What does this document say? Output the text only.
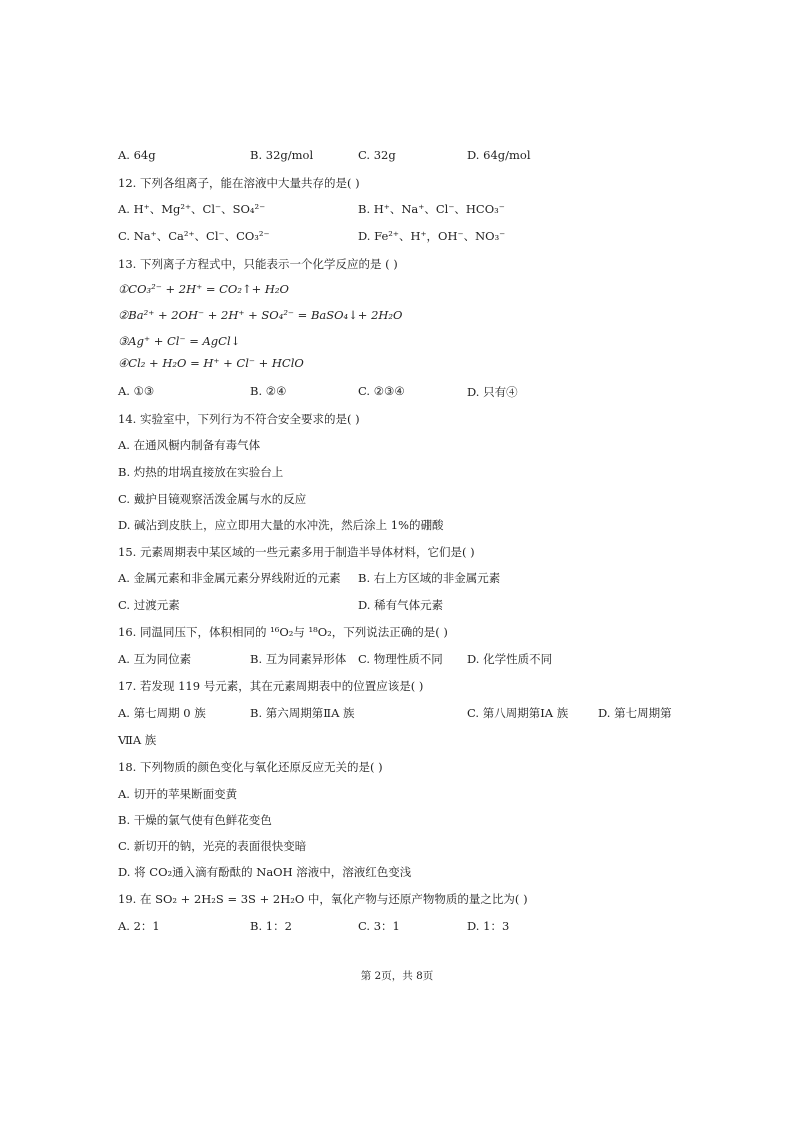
A. 64g	B. 32g/mol	C. 32g	D. 64g/mol
12. 下列各组离子，能在溶液中大量共存的是( )
A. H⁺、Mg²⁺、Cl⁻、SO₄²⁻	B. H⁺、Na⁺、Cl⁻、HCO₃⁻
C. Na⁺、Ca²⁺、Cl⁻、CO₃²⁻	D. Fe²⁺、H⁺，OH⁻、NO₃⁻
13. 下列离子方程式中，只能表示一个化学反应的是 ( )
①CO₃²⁻ + 2H⁺ = CO₂↑+ H₂O
②Ba²⁺ + 2OH⁻ + 2H⁺ + SO₄²⁻ = BaSO₄↓+ 2H₂O
③Ag⁺ + Cl⁻ = AgCl↓
④Cl₂ + H₂O = H⁺ + Cl⁻ + HClO
A. ①③	B. ②④	C. ②③④	D. 只有④
14. 实验室中，下列行为不符合安全要求的是( )
A. 在通风橱内制备有毒气体
B. 灼热的坩埚直接放在实验台上
C. 戴护目镜观察活泼金属与水的反应
D. 碱沾到皮肤上，应立即用大量的水冲洗，然后涂上 1%的硼酸
15. 元素周期表中某区域的一些元素多用于制造半导体材料，它们是( )
A. 金属元素和非金属元素分界线附近的元素 B. 右上方区域的非金属元素
C. 过渡元素	D. 稀有气体元素
16. 同温同压下，体积相同的 ¹⁶O₂与 ¹⁸O₂，下列说法正确的是( )
A. 互为同位素	B. 互为同素异形体 C. 物理性质不同 D. 化学性质不同
17. 若发现 119 号元素，其在元素周期表中的位置应该是( )
A. 第七周期 0 族	B. 第六周期第ⅡA 族	C. 第八周期第ⅠA 族	D. 第七周期第
ⅦA 族
18. 下列物质的颜色变化与氧化还原反应无关的是( )
A. 切开的苹果断面变黄
B. 干燥的氯气使有色鲜花变色
C. 新切开的钠，光亮的表面很快变暗
D. 将 CO₂通入滴有酚酞的 NaOH 溶液中，溶液红色变浅
19. 在 SO₂ + 2H₂S = 3S + 2H₂O 中，氧化产物与还原产物物质的量之比为( )
A. 2：1	B. 1：2	C. 3：1	D. 1：3
第 2页，共 8页
